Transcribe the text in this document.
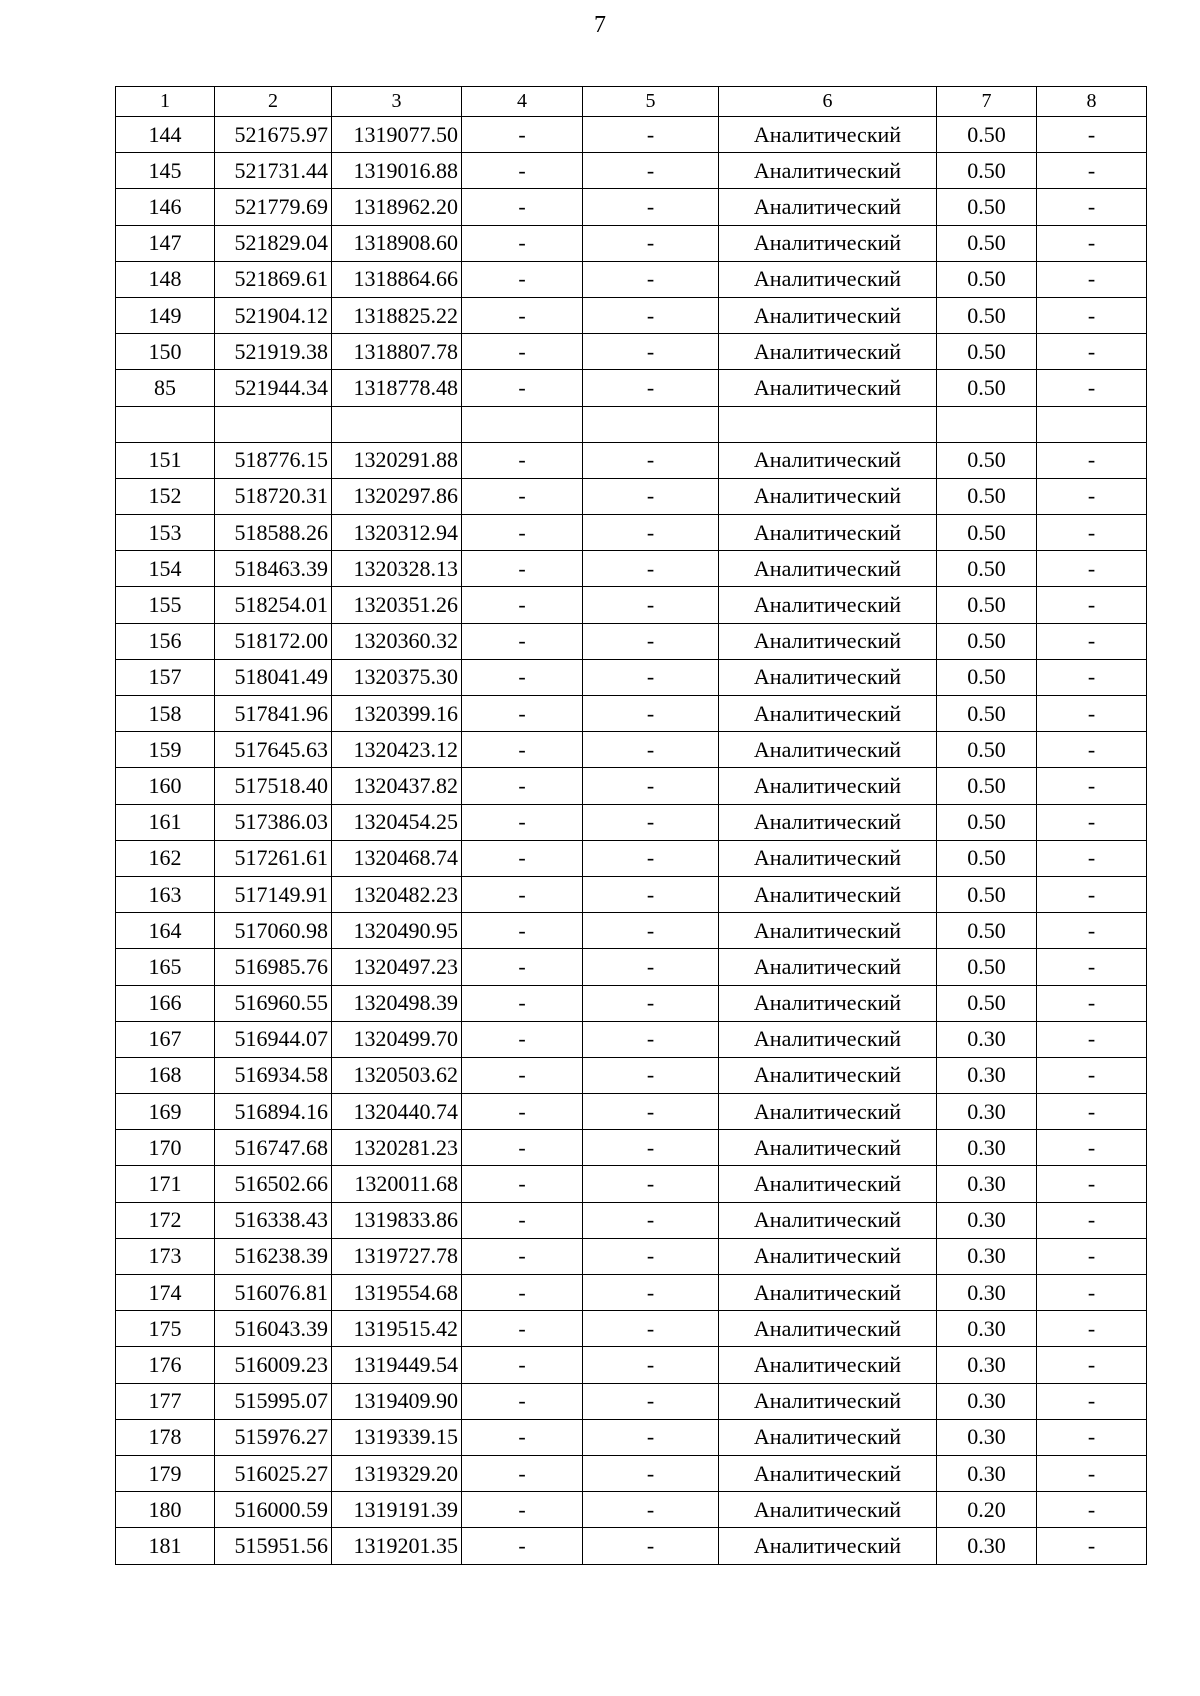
7
1	2	3	4	5	6	7	8
144	521675.97	1319077.50	-	-	Аналитический	0.50	-
145	521731.44	1319016.88	-	-	Аналитический	0.50	-
146	521779.69	1318962.20	-	-	Аналитический	0.50	-
147	521829.04	1318908.60	-	-	Аналитический	0.50	-
148	521869.61	1318864.66	-	-	Аналитический	0.50	-
149	521904.12	1318825.22	-	-	Аналитический	0.50	-
150	521919.38	1318807.78	-	-	Аналитический	0.50	-
85	521944.34	1318778.48	-	-	Аналитический	0.50	-

151	518776.15	1320291.88	-	-	Аналитический	0.50	-
152	518720.31	1320297.86	-	-	Аналитический	0.50	-
153	518588.26	1320312.94	-	-	Аналитический	0.50	-
154	518463.39	1320328.13	-	-	Аналитический	0.50	-
155	518254.01	1320351.26	-	-	Аналитический	0.50	-
156	518172.00	1320360.32	-	-	Аналитический	0.50	-
157	518041.49	1320375.30	-	-	Аналитический	0.50	-
158	517841.96	1320399.16	-	-	Аналитический	0.50	-
159	517645.63	1320423.12	-	-	Аналитический	0.50	-
160	517518.40	1320437.82	-	-	Аналитический	0.50	-
161	517386.03	1320454.25	-	-	Аналитический	0.50	-
162	517261.61	1320468.74	-	-	Аналитический	0.50	-
163	517149.91	1320482.23	-	-	Аналитический	0.50	-
164	517060.98	1320490.95	-	-	Аналитический	0.50	-
165	516985.76	1320497.23	-	-	Аналитический	0.50	-
166	516960.55	1320498.39	-	-	Аналитический	0.50	-
167	516944.07	1320499.70	-	-	Аналитический	0.30	-
168	516934.58	1320503.62	-	-	Аналитический	0.30	-
169	516894.16	1320440.74	-	-	Аналитический	0.30	-
170	516747.68	1320281.23	-	-	Аналитический	0.30	-
171	516502.66	1320011.68	-	-	Аналитический	0.30	-
172	516338.43	1319833.86	-	-	Аналитический	0.30	-
173	516238.39	1319727.78	-	-	Аналитический	0.30	-
174	516076.81	1319554.68	-	-	Аналитический	0.30	-
175	516043.39	1319515.42	-	-	Аналитический	0.30	-
176	516009.23	1319449.54	-	-	Аналитический	0.30	-
177	515995.07	1319409.90	-	-	Аналитический	0.30	-
178	515976.27	1319339.15	-	-	Аналитический	0.30	-
179	516025.27	1319329.20	-	-	Аналитический	0.30	-
180	516000.59	1319191.39	-	-	Аналитический	0.20	-
181	515951.56	1319201.35	-	-	Аналитический	0.30	-
